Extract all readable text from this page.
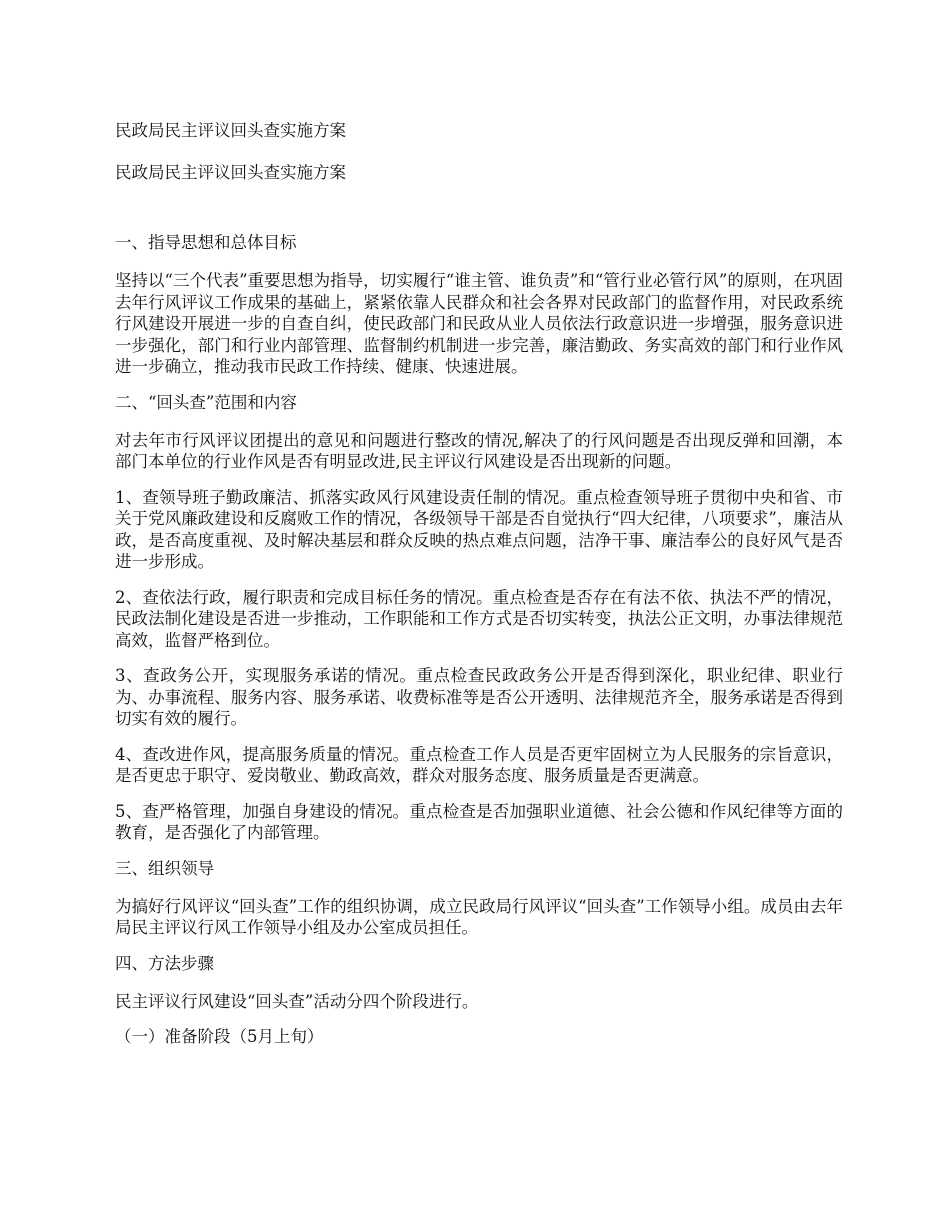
民政局民主评议回头查实施方案
民政局民主评议回头查实施方案
一、指导思想和总体目标
坚持以“三个代表”重要思想为指导，切实履行“谁主管、谁负责”和“管行业必管行风”的原则，在巩固去年行风评议工作成果的基础上，紧紧依靠人民群众和社会各界对民政部门的监督作用，对民政系统行风建设开展进一步的自查自纠，使民政部门和民政从业人员依法行政意识进一步增强，服务意识进一步强化，部门和行业内部管理、监督制约机制进一步完善，廉洁勤政、务实高效的部门和行业作风进一步确立，推动我市民政工作持续、健康、快速进展。
二、“回头查”范围和内容
对去年市行风评议团提出的意见和问题进行整改的情况,解决了的行风问题是否出现反弹和回潮，本部门本单位的行业作风是否有明显改进,民主评议行风建设是否出现新的问题。
1、查领导班子勤政廉洁、抓落实政风行风建设责任制的情况。重点检查领导班子贯彻中央和省、市关于党风廉政建设和反腐败工作的情况，各级领导干部是否自觉执行“四大纪律，八项要求”，廉洁从政，是否高度重视、及时解决基层和群众反映的热点难点问题，洁净干事、廉洁奉公的良好风气是否进一步形成。
2、查依法行政，履行职责和完成目标任务的情况。重点检查是否存在有法不依、执法不严的情况，民政法制化建设是否进一步推动，工作职能和工作方式是否切实转变，执法公正文明，办事法律规范高效，监督严格到位。
3、查政务公开，实现服务承诺的情况。重点检查民政政务公开是否得到深化，职业纪律、职业行为、办事流程、服务内容、服务承诺、收费标准等是否公开透明、法律规范齐全，服务承诺是否得到切实有效的履行。
4、查改进作风，提高服务质量的情况。重点检查工作人员是否更牢固树立为人民服务的宗旨意识，是否更忠于职守、爱岗敬业、勤政高效，群众对服务态度、服务质量是否更满意。
5、查严格管理，加强自身建设的情况。重点检查是否加强职业道德、社会公德和作风纪律等方面的教育，是否强化了内部管理。
三、组织领导
为搞好行风评议“回头查”工作的组织协调，成立民政局行风评议“回头查”工作领导小组。成员由去年局民主评议行风工作领导小组及办公室成员担任。
四、方法步骤
民主评议行风建设“回头查”活动分四个阶段进行。
（一）准备阶段（5月上旬）
